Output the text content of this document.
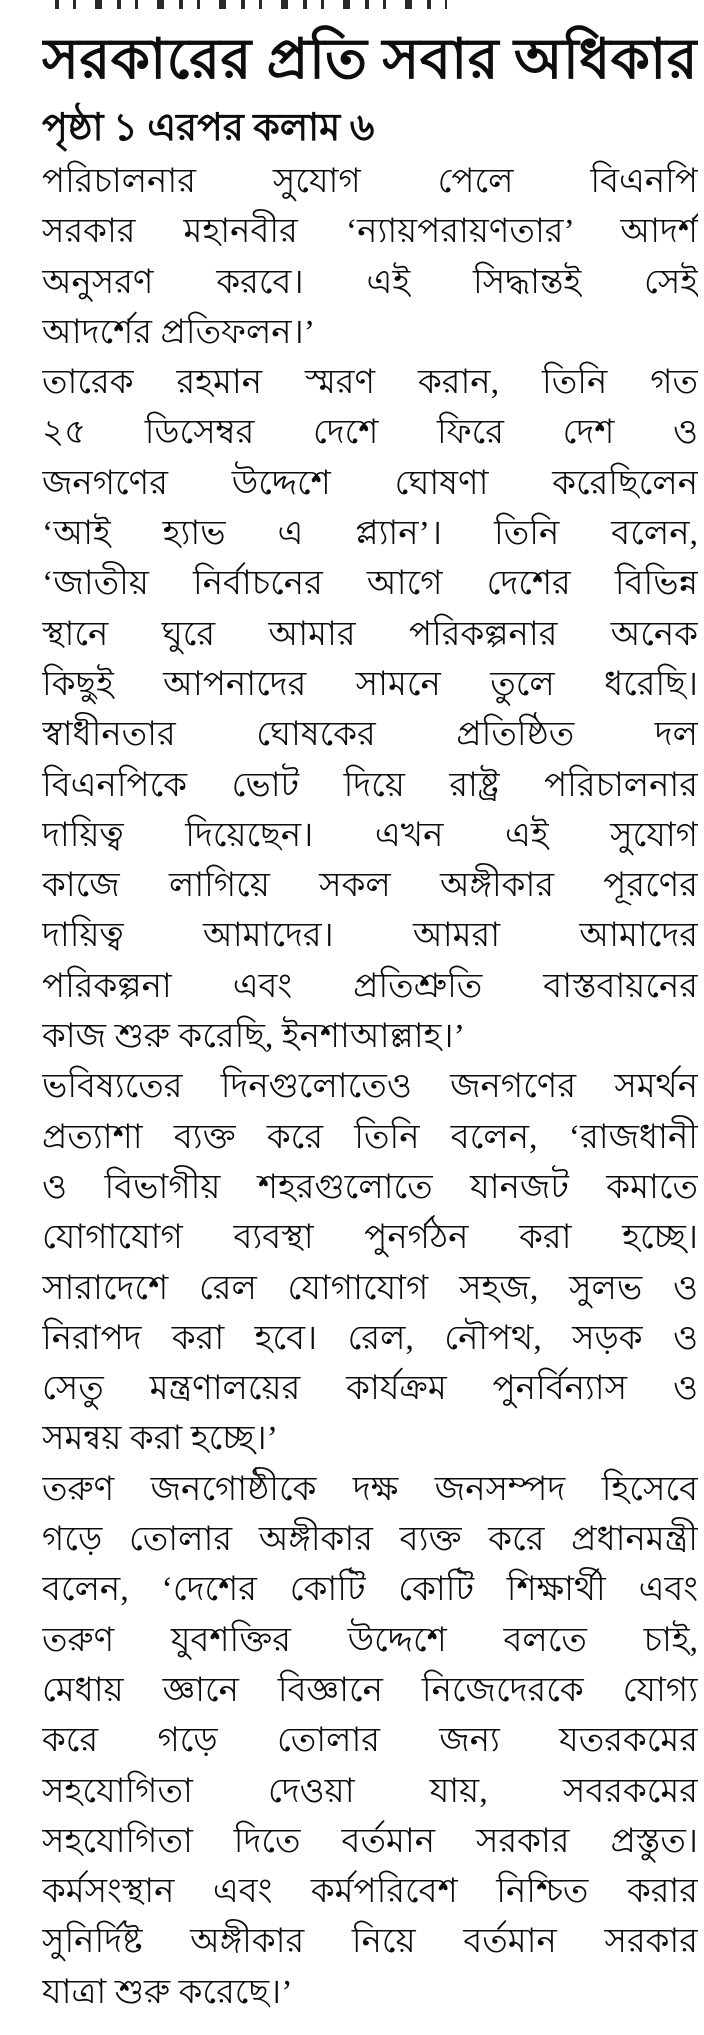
সরকারের প্রতি সবার অধিকার
পৃষ্ঠা ১ এরপর কলাম ৬
পরিচালনার সুযোগ পেলে বিএনপি
সরকার মহানবীর ‘ন্যায়পরায়ণতার’ আদর্শ
অনুসরণ করবে। এই সিদ্ধান্তই সেই
আদর্শের প্রতিফলন।’
তারেক রহমান স্মরণ করান, তিনি গত
২৫ ডিসেম্বর দেশে ফিরে দেশ ও
জনগণের উদ্দেশে ঘোষণা করেছিলেন
‘আই হ্যাভ এ প্ল্যান’। তিনি বলেন,
‘জাতীয় নির্বাচনের আগে দেশের বিভিন্ন
স্থানে ঘুরে আমার পরিকল্পনার অনেক
কিছুই আপনাদের সামনে তুলে ধরেছি।
স্বাধীনতার ঘোষকের প্রতিষ্ঠিত দল
বিএনপিকে ভোট দিয়ে রাষ্ট্র পরিচালনার
দায়িত্ব দিয়েছেন। এখন এই সুযোগ
কাজে লাগিয়ে সকল অঙ্গীকার পূরণের
দায়িত্ব আমাদের। আমরা আমাদের
পরিকল্পনা এবং প্রতিশ্রুতি বাস্তবায়নের
কাজ শুরু করেছি, ইনশাআল্লাহ।’
ভবিষ্যতের দিনগুলোতেও জনগণের সমর্থন
প্রত্যাশা ব্যক্ত করে তিনি বলেন, ‘রাজধানী
ও বিভাগীয় শহরগুলোতে যানজট কমাতে
যোগাযোগ ব্যবস্থা পুনর্গঠন করা হচ্ছে।
সারাদেশে রেল যোগাযোগ সহজ, সুলভ ও
নিরাপদ করা হবে। রেল, নৌপথ, সড়ক ও
সেতু মন্ত্রণালয়ের কার্যক্রম পুনর্বিন্যাস ও
সমন্বয় করা হচ্ছে।’
তরুণ জনগোষ্ঠীকে দক্ষ জনসম্পদ হিসেবে
গড়ে তোলার অঙ্গীকার ব্যক্ত করে প্রধানমন্ত্রী
বলেন, ‘দেশের কোটি কোটি শিক্ষার্থী এবং
তরুণ যুবশক্তির উদ্দেশে বলতে চাই,
মেধায় জ্ঞানে বিজ্ঞানে নিজেদেরকে যোগ্য
করে গড়ে তোলার জন্য যতরকমের
সহযোগিতা দেওয়া যায়, সবরকমের
সহযোগিতা দিতে বর্তমান সরকার প্রস্তুত।
কর্মসংস্থান এবং কর্মপরিবেশ নিশ্চিত করার
সুনির্দিষ্ট অঙ্গীকার নিয়ে বর্তমান সরকার
যাত্রা শুরু করেছে।’
